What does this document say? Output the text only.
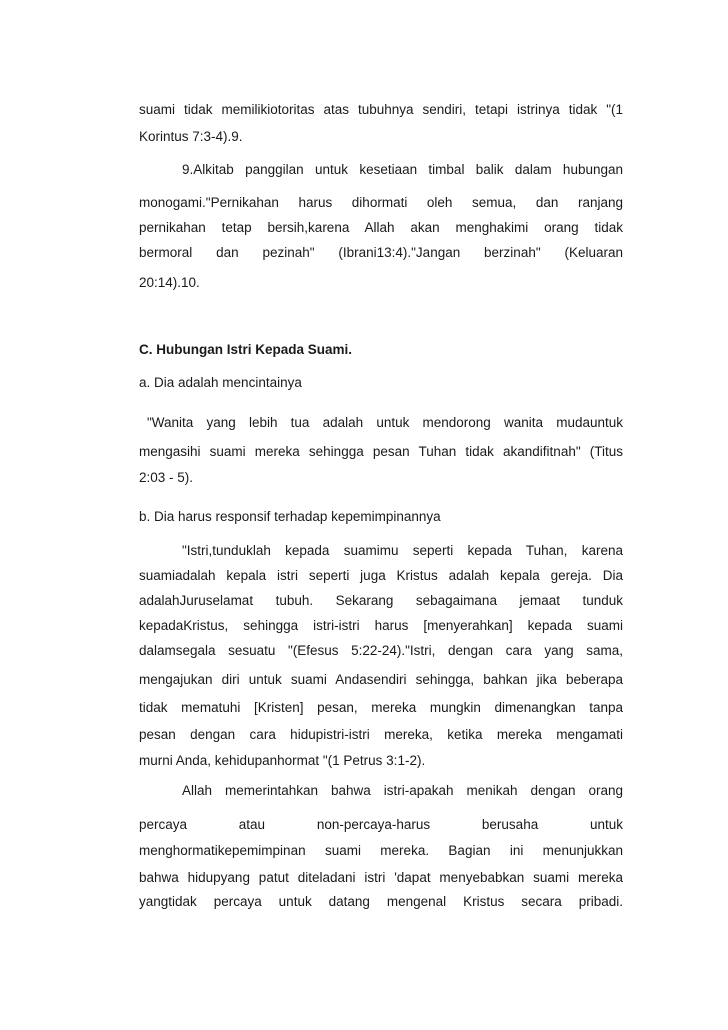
suami tidak memilikiotoritas atas tubuhnya sendiri, tetapi istrinya tidak "(1
Korintus 7:3-4).9.
9.Alkitab panggilan untuk kesetiaan timbal balik dalam hubungan
monogami."Pernikahan harus dihormati oleh semua, dan ranjang
pernikahan tetap bersih,karena Allah akan menghakimi orang tidak
bermoral dan pezinah" (Ibrani13:4)."Jangan berzinah" (Keluaran
20:14).10.
C. Hubungan Istri Kepada Suami.
a. Dia adalah mencintainya
"Wanita yang lebih tua adalah untuk mendorong wanita mudauntuk
mengasihi suami mereka sehingga pesan Tuhan tidak akandifitnah" (Titus
2:03 - 5).
b. Dia harus responsif terhadap kepemimpinannya
"Istri,tunduklah kepada suamimu seperti kepada Tuhan, karena
suamiadalah kepala istri seperti juga Kristus adalah kepala gereja. Dia
adalahJuruselamat tubuh. Sekarang sebagaimana jemaat tunduk
kepadaKristus, sehingga istri-istri harus [menyerahkan] kepada suami
dalamsegala sesuatu "(Efesus 5:22-24)."Istri, dengan cara yang sama,
mengajukan diri untuk suami Andasendiri sehingga, bahkan jika beberapa
tidak mematuhi [Kristen] pesan, mereka mungkin dimenangkan tanpa
pesan dengan cara hidupistri-istri mereka, ketika mereka mengamati
murni Anda, kehidupanhormat "(1 Petrus 3:1-2).
Allah memerintahkan bahwa istri-apakah menikah dengan orang
percaya atau non-percaya-harus berusaha untuk
menghormatikepemimpinan suami mereka. Bagian ini menunjukkan
bahwa hidupyang patut diteladani istri 'dapat menyebabkan suami mereka
yangtidak percaya untuk datang mengenal Kristus secara pribadi.
